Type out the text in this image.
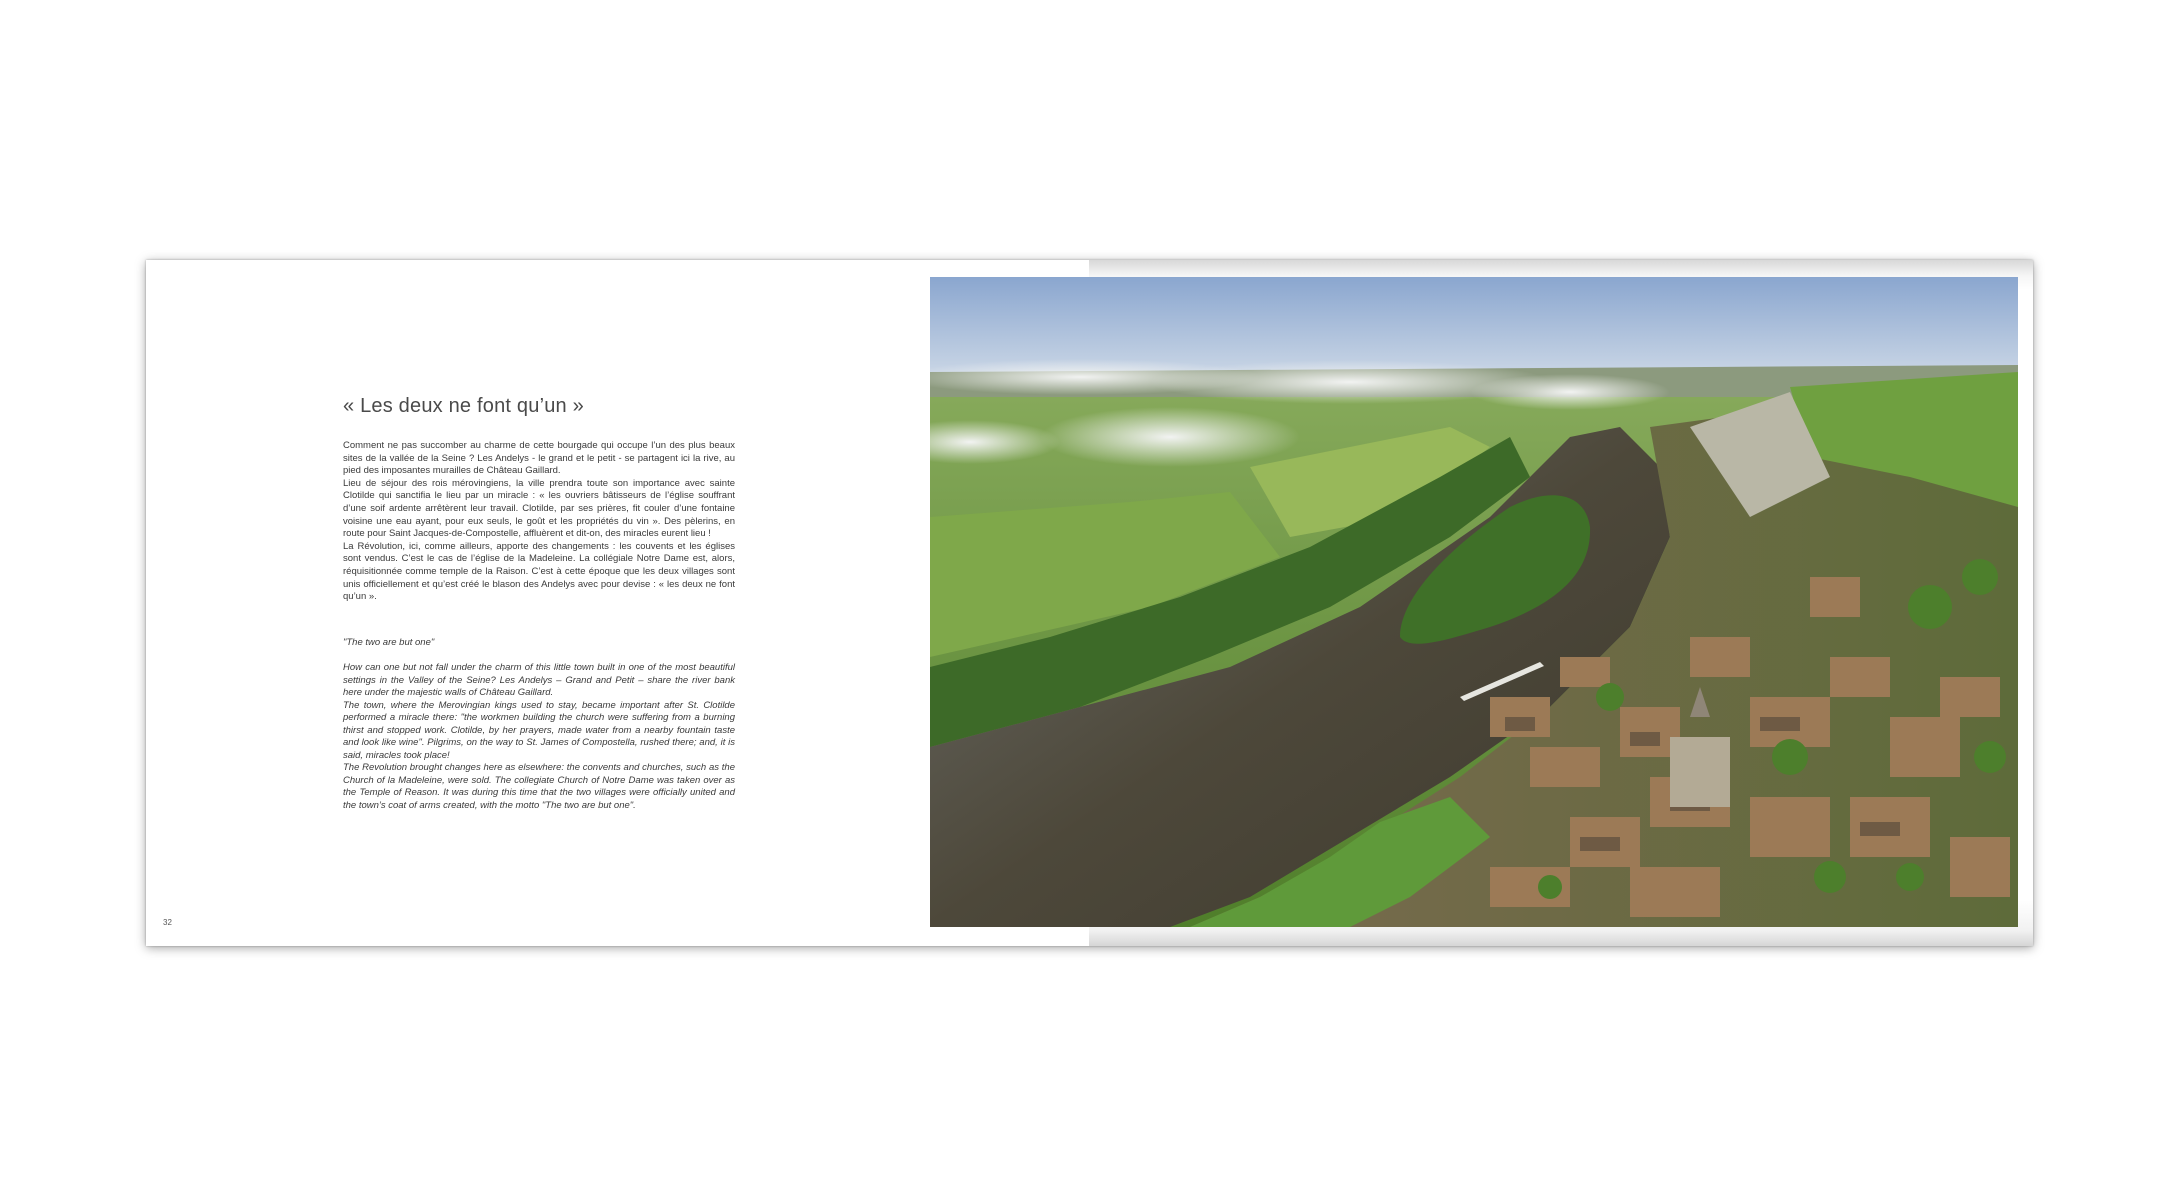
« Les deux ne font qu’un »

Comment ne pas succomber au charme de cette bourgade qui occupe l’un des plus beaux sites de la vallée de la Seine ? Les Andelys - le grand et le petit - se partagent ici la rive, au pied des imposantes murailles de Château Gaillard.

Lieu de séjour des rois mérovingiens, la ville prendra toute son importance avec sainte Clotilde qui sanctifia le lieu par un miracle : « les ouvriers bâtisseurs de l’église souffrant d’une soif ardente arrêtèrent leur travail. Clotilde, par ses prières, fit couler d’une fontaine voisine une eau ayant, pour eux seuls, le goût et les propriétés du vin ». Des pèlerins, en route pour Saint Jacques-de-Compostelle, affluèrent et dit-on, des miracles eurent lieu !

La Révolution, ici, comme ailleurs, apporte des changements : les couvents et les églises sont vendus. C’est le cas de l’église de la Madeleine. La collégiale Notre Dame est, alors, réquisitionnée comme temple de la Raison. C’est à cette époque que les deux villages sont unis officiellement et qu’est créé le blason des Andelys avec pour devise : « les deux ne font qu’un ».

"The two are but one"

How can one but not fall under the charm of this little town built in one of the most beautiful settings in the Valley of the Seine? Les Andelys – Grand and Petit – share the river bank here under the majestic walls of Château Gaillard.

The town, where the Merovingian kings used to stay, became important after St. Clotilde performed a miracle there: "the workmen building the church were suffering from a burning thirst and stopped work. Clotilde, by her prayers, made water from a nearby fountain taste and look like wine". Pilgrims, on the way to St. James of Compostella, rushed there; and, it is said, miracles took place!

The Revolution brought changes here as elsewhere: the convents and churches, such as the Church of la Madeleine, were sold. The collegiate Church of Notre Dame was taken over as the Temple of Reason. It was during this time that the two villages were officially united and the town’s coat of arms created, with the motto "The two are but one".

32
